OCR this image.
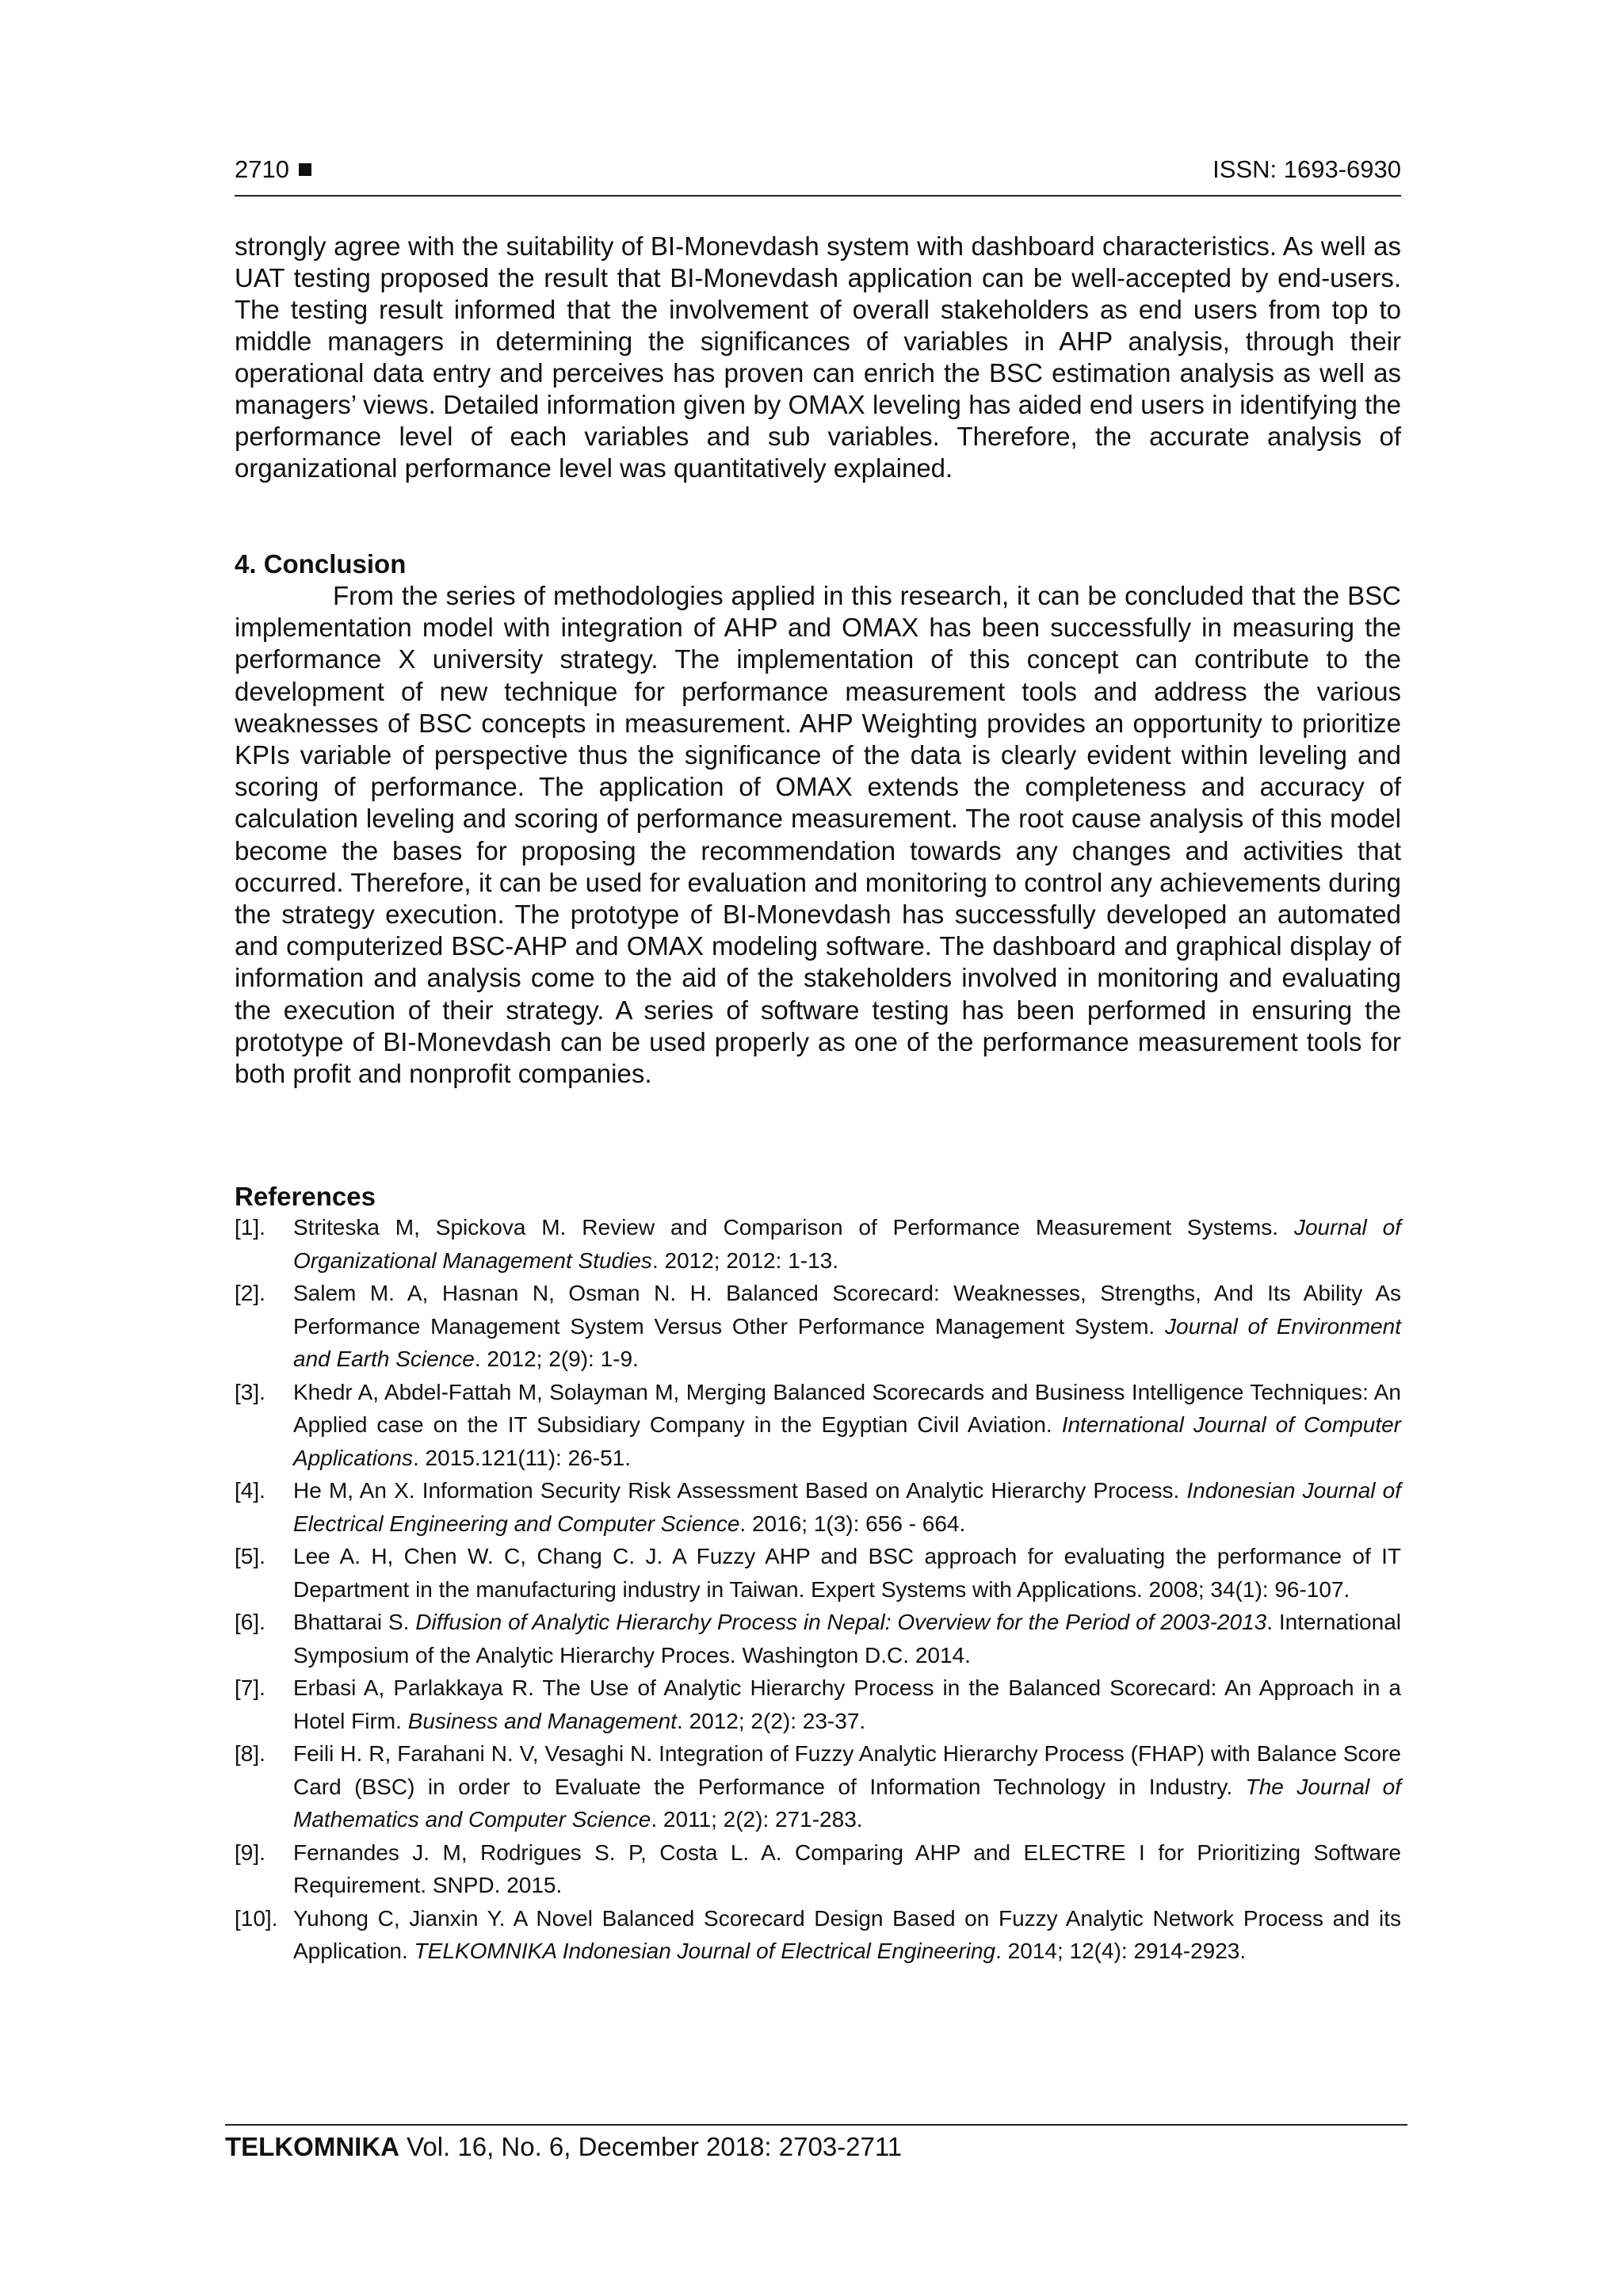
2710	ISSN: 1693-6930

strongly agree with the suitability of BI-Monevdash system with dashboard characteristics. As well as UAT testing proposed the result that BI-Monevdash application can be well-accepted by end-users. The testing result informed that the involvement of overall stakeholders as end users from top to middle managers in determining the significances of variables in AHP analysis, through their operational data entry and perceives has proven can enrich the BSC estimation analysis as well as managers’ views. Detailed information given by OMAX leveling has aided end users in identifying the performance level of each variables and sub variables. Therefore, the accurate analysis of organizational performance level was quantitatively explained.

4. Conclusion

From the series of methodologies applied in this research, it can be concluded that the BSC implementation model with integration of AHP and OMAX has been successfully in measuring the performance X university strategy. The implementation of this concept can contribute to the development of new technique for performance measurement tools and address the various weaknesses of BSC concepts in measurement. AHP Weighting provides an opportunity to prioritize KPIs variable of perspective thus the significance of the data is clearly evident within leveling and scoring of performance. The application of OMAX extends the completeness and accuracy of calculation leveling and scoring of performance measurement. The root cause analysis of this model become the bases for proposing the recommendation towards any changes and activities that occurred. Therefore, it can be used for evaluation and monitoring to control any achievements during the strategy execution. The prototype of BI-Monevdash has successfully developed an automated and computerized BSC-AHP and OMAX modeling software. The dashboard and graphical display of information and analysis come to the aid of the stakeholders involved in monitoring and evaluating the execution of their strategy. A series of software testing has been performed in ensuring the prototype of BI-Monevdash can be used properly as one of the performance measurement tools for both profit and nonprofit companies.

References
[1]. Striteska M, Spickova M. Review and Comparison of Performance Measurement Systems. Journal of Organizational Management Studies. 2012; 2012: 1-13.
[2]. Salem M. A, Hasnan N, Osman N. H. Balanced Scorecard: Weaknesses, Strengths, And Its Ability As Performance Management System Versus Other Performance Management System. Journal of Environment and Earth Science. 2012; 2(9): 1-9.
[3]. Khedr A, Abdel-Fattah M, Solayman M, Merging Balanced Scorecards and Business Intelligence Techniques: An Applied case on the IT Subsidiary Company in the Egyptian Civil Aviation. International Journal of Computer Applications. 2015.121(11): 26-51.
[4]. He M, An X. Information Security Risk Assessment Based on Analytic Hierarchy Process. Indonesian Journal of Electrical Engineering and Computer Science. 2016; 1(3): 656 - 664.
[5]. Lee A. H, Chen W. C, Chang C. J. A Fuzzy AHP and BSC approach for evaluating the performance of IT Department in the manufacturing industry in Taiwan. Expert Systems with Applications. 2008; 34(1): 96-107.
[6]. Bhattarai S. Diffusion of Analytic Hierarchy Process in Nepal: Overview for the Period of 2003-2013. International Symposium of the Analytic Hierarchy Proces. Washington D.C. 2014.
[7]. Erbasi A, Parlakkaya R. The Use of Analytic Hierarchy Process in the Balanced Scorecard: An Approach in a Hotel Firm. Business and Management. 2012; 2(2): 23-37.
[8]. Feili H. R, Farahani N. V, Vesaghi N. Integration of Fuzzy Analytic Hierarchy Process (FHAP) with Balance Score Card (BSC) in order to Evaluate the Performance of Information Technology in Industry. The Journal of Mathematics and Computer Science. 2011; 2(2): 271-283.
[9]. Fernandes J. M, Rodrigues S. P, Costa L. A. Comparing AHP and ELECTRE I for Prioritizing Software Requirement. SNPD. 2015.
[10]. Yuhong C, Jianxin Y. A Novel Balanced Scorecard Design Based on Fuzzy Analytic Network Process and its Application. TELKOMNIKA Indonesian Journal of Electrical Engineering. 2014; 12(4): 2914-2923.
TELKOMNIKA Vol. 16, No. 6, December 2018: 2703-2711
